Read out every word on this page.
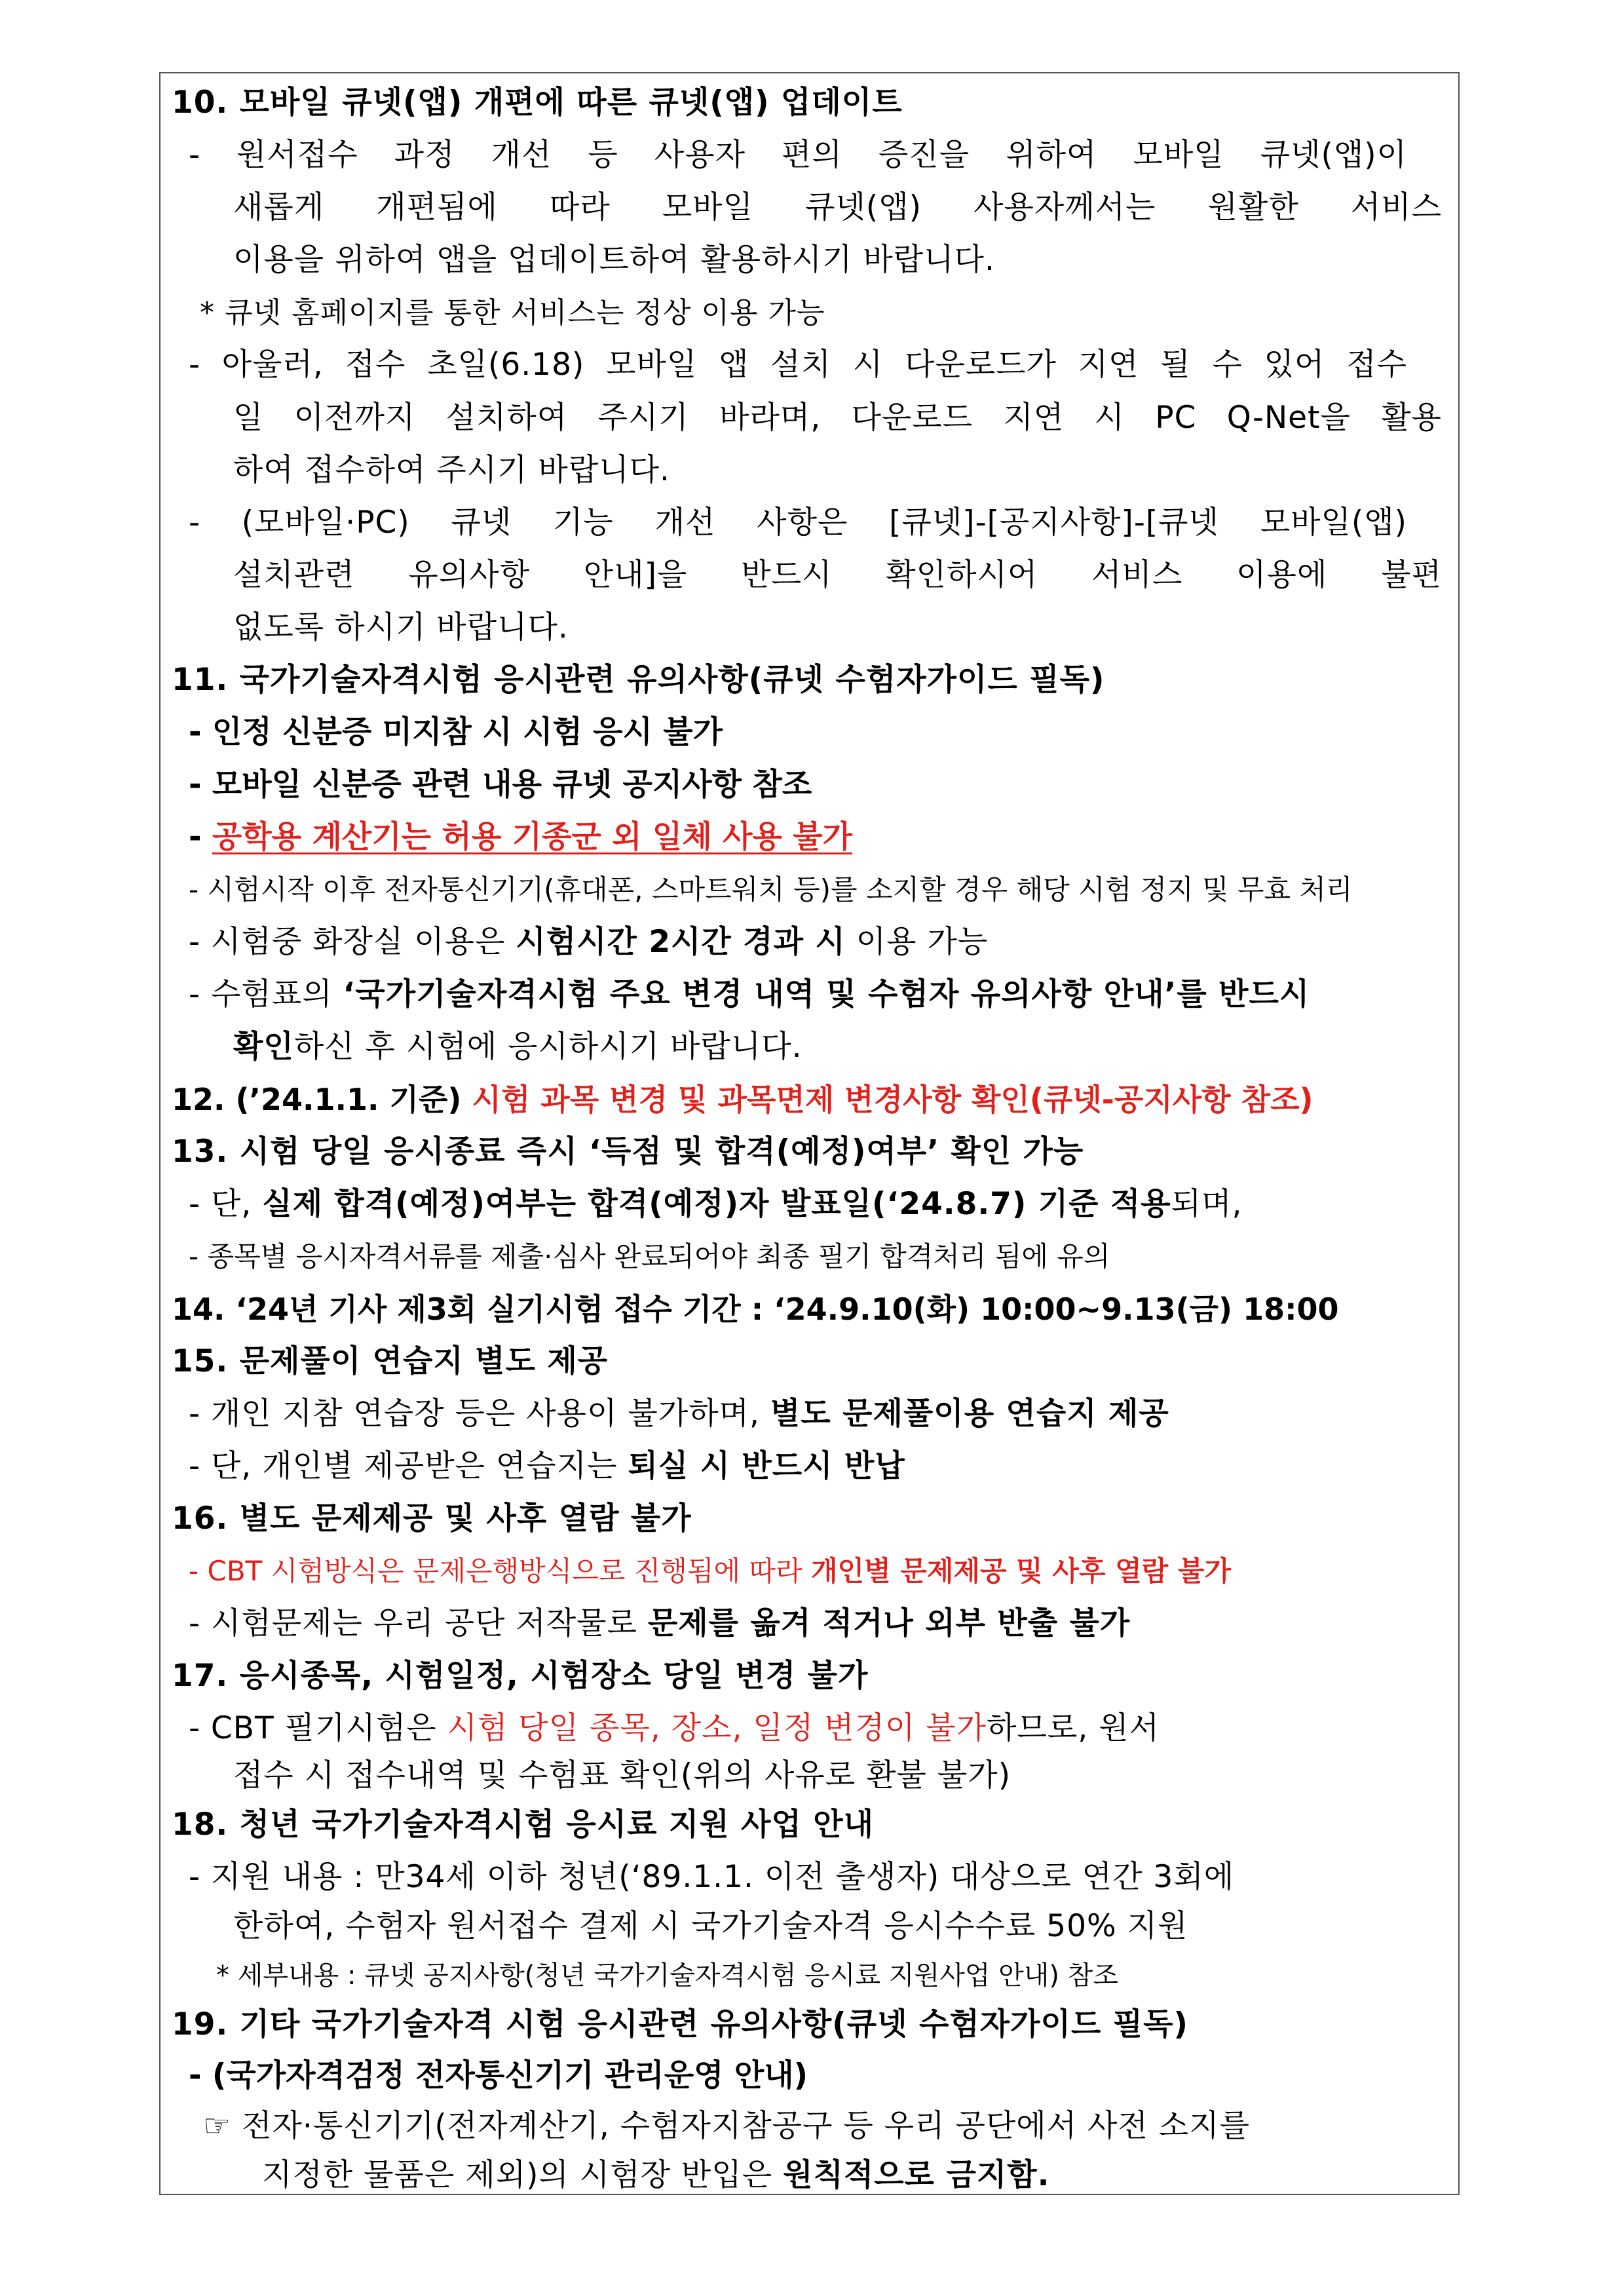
10. 모바일 큐넷(앱) 개편에 따른 큐넷(앱) 업데이트
- 원서접수 과정 개선 등 사용자 편의 증진을 위하여 모바일 큐넷(앱)이
새롭게 개편됨에 따라 모바일 큐넷(앱) 사용자께서는 원활한 서비스
이용을 위하여 앱을 업데이트하여 활용하시기 바랍니다.
* 큐넷 홈페이지를 통한 서비스는 정상 이용 가능
- 아울러, 접수 초일(6.18) 모바일 앱 설치 시 다운로드가 지연 될 수 있어 접수
일 이전까지 설치하여 주시기 바라며, 다운로드 지연 시 PC Q-Net을 활용
하여 접수하여 주시기 바랍니다.
- (모바일·PC) 큐넷 기능 개선 사항은 [큐넷]-[공지사항]-[큐넷 모바일(앱)
설치관련 유의사항 안내]을 반드시 확인하시어 서비스 이용에 불편
없도록 하시기 바랍니다.
11. 국가기술자격시험 응시관련 유의사항(큐넷 수험자가이드 필독)
- 인정 신분증 미지참 시 시험 응시 불가
- 모바일 신분증 관련 내용 큐넷 공지사항 참조
- 공학용 계산기는 허용 기종군 외 일체 사용 불가
- 시험시작 이후 전자통신기기(휴대폰, 스마트워치 등)를 소지할 경우 해당 시험 정지 및 무효 처리
- 시험중 화장실 이용은 시험시간 2시간 경과 시 이용 가능
- 수험표의 ‘국가기술자격시험 주요 변경 내역 및 수험자 유의사항 안내’를 반드시
확인하신 후 시험에 응시하시기 바랍니다.
12. (’24.1.1. 기준) 시험 과목 변경 및 과목면제 변경사항 확인(큐넷-공지사항 참조)
13. 시험 당일 응시종료 즉시 ‘득점 및 합격(예정)여부’ 확인 가능
- 단, 실제 합격(예정)여부는 합격(예정)자 발표일(‘24.8.7) 기준 적용되며,
- 종목별 응시자격서류를 제출·심사 완료되어야 최종 필기 합격처리 됨에 유의
14. ‘24년 기사 제3회 실기시험 접수 기간 : ‘24.9.10(화) 10:00~9.13(금) 18:00
15. 문제풀이 연습지 별도 제공
- 개인 지참 연습장 등은 사용이 불가하며, 별도 문제풀이용 연습지 제공
- 단, 개인별 제공받은 연습지는 퇴실 시 반드시 반납
16. 별도 문제제공 및 사후 열람 불가
- CBT 시험방식은 문제은행방식으로 진행됨에 따라 개인별 문제제공 및 사후 열람 불가
- 시험문제는 우리 공단 저작물로 문제를 옮겨 적거나 외부 반출 불가
17. 응시종목, 시험일정, 시험장소 당일 변경 불가
- CBT 필기시험은 시험 당일 종목, 장소, 일정 변경이 불가하므로, 원서
접수 시 접수내역 및 수험표 확인(위의 사유로 환불 불가)
18. 청년 국가기술자격시험 응시료 지원 사업 안내
- 지원 내용 : 만34세 이하 청년(‘89.1.1. 이전 출생자) 대상으로 연간 3회에
한하여, 수험자 원서접수 결제 시 국가기술자격 응시수수료 50% 지원
* 세부내용 : 큐넷 공지사항(청년 국가기술자격시험 응시료 지원사업 안내) 참조
19. 기타 국가기술자격 시험 응시관련 유의사항(큐넷 수험자가이드 필독)
- (국가자격검정 전자통신기기 관리운영 안내)
☞ 전자·통신기기(전자계산기, 수험자지참공구 등 우리 공단에서 사전 소지를
지정한 물품은 제외)의 시험장 반입은 원칙적으로 금지함.
